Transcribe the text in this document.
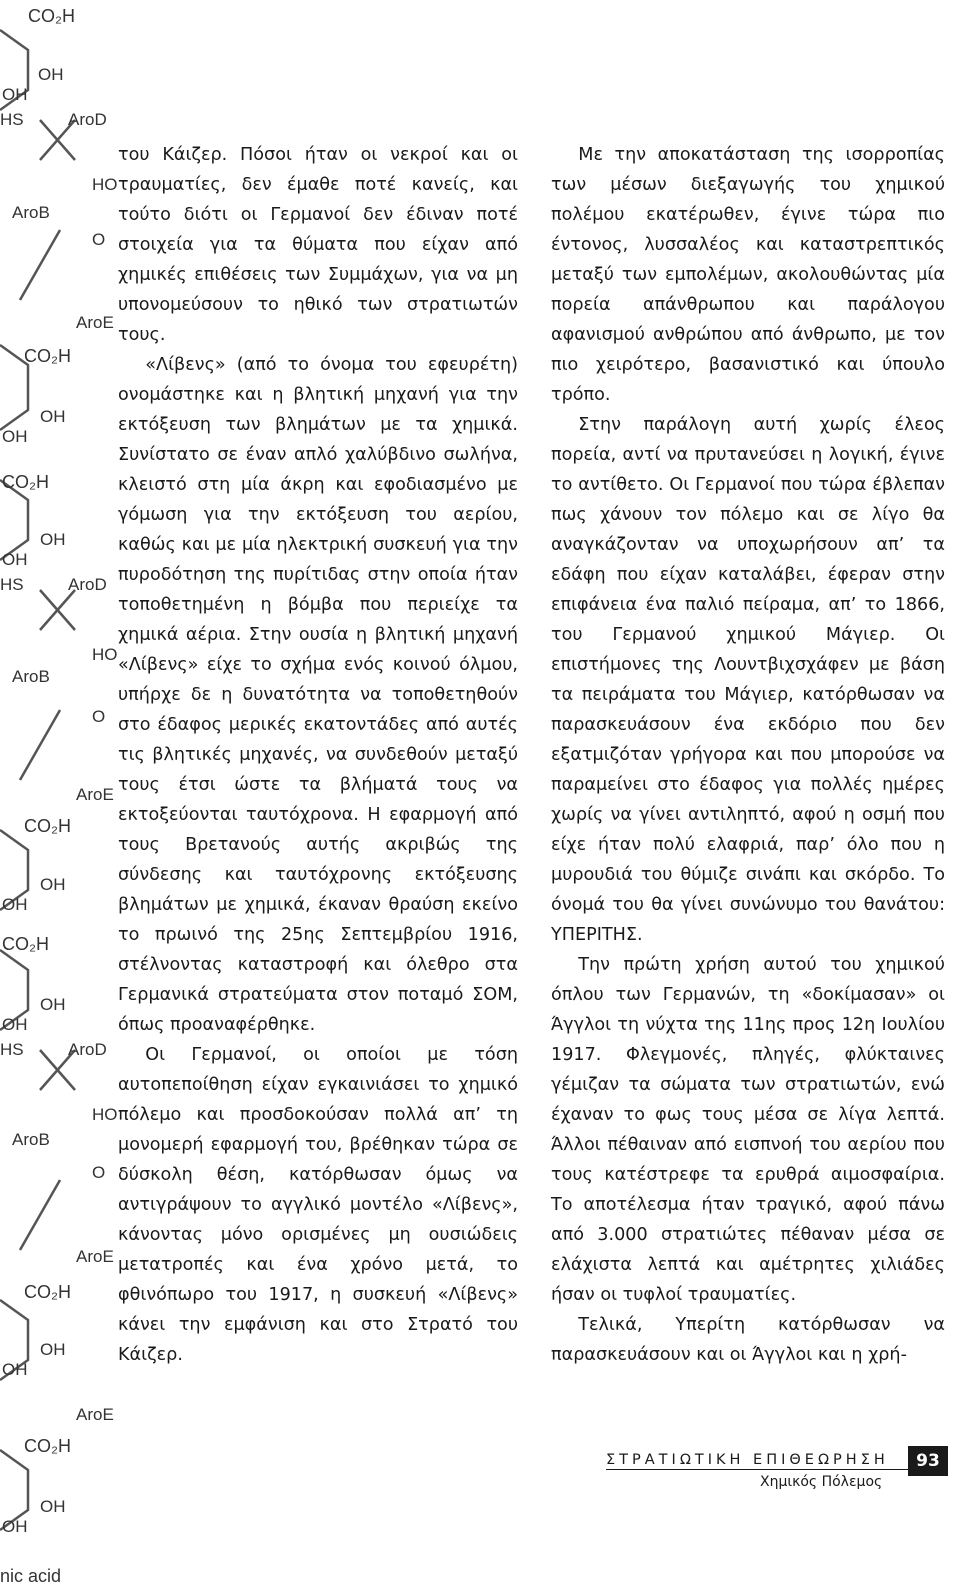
CO₂H
OH
OH
HS	AroD
HO
AroB
O
AroE
CO₂H
OH
OH
CO₂H
OH
OH
HS	AroD
HO
AroB
O
AroE
CO₂H
OH
OH
CO₂H
OH
OH
HS	AroD
HO
AroB
O
AroE
CO₂H
OH
OH
AroE
CO₂H
OH
OH
nic acid

του Κάιζερ. Πόσοι ήταν οι νεκροί και οι τραυματίες, δεν έμαθε ποτέ κανείς, και τούτο διότι οι Γερμανοί δεν έδιναν ποτέ στοιχεία για τα θύματα που είχαν από χημικές επιθέσεις των Συμμάχων, για να μη υπονομεύσουν το ηθικό των στρατιωτών τους.

«Λίβενς» (από το όνομα του εφευρέτη) ονομάστηκε και η βλητική μηχανή για την εκτόξευση των βλημάτων με τα χημικά. Συνίστατο σε έναν απλό χαλύβδινο σωλήνα, κλειστό στη μία άκρη και εφοδιασμένο με γόμωση για την εκτόξευση του αερίου, καθώς και με μία ηλεκτρική συσκευή για την πυροδότηση της πυρίτιδας στην οποία ήταν τοποθετημένη η βόμβα που περιείχε τα χημικά αέρια. Στην ουσία η βλητική μηχανή «Λίβενς» είχε το σχήμα ενός κοινού όλμου, υπήρχε δε η δυνατότητα να τοποθετηθούν στο έδαφος μερικές εκατοντάδες από αυτές τις βλητικές μηχανές, να συνδεθούν μεταξύ τους έτσι ώστε τα βλήματά τους να εκτοξεύονται ταυτόχρονα. Η εφαρμογή από τους Βρετανούς αυτής ακριβώς της σύνδεσης και ταυτόχρονης εκτόξευσης βλημάτων με χημικά, έκαναν θραύση εκείνο το πρωινό της 25ης Σεπτεμβρίου 1916, στέλνοντας καταστροφή και όλεθρο στα Γερμανικά στρατεύματα στον ποταμό ΣΟΜ, όπως προαναφέρθηκε.

Οι Γερμανοί, οι οποίοι με τόση αυτοπεποίθηση είχαν εγκαινιάσει το χημικό πόλεμο και προσδοκούσαν πολλά απ’ τη μονομερή εφαρμογή του, βρέθηκαν τώρα σε δύσκολη θέση, κατόρθωσαν όμως να αντιγράψουν το αγγλικό μοντέλο «Λίβενς», κάνοντας μόνο ορισμένες μη ουσιώδεις μετατροπές και ένα χρόνο μετά, το φθινόπωρο του 1917, η συσκευή «Λίβενς» κάνει την εμφάνιση και στο Στρατό του Κάιζερ.

Με την αποκατάσταση της ισορροπίας των μέσων διεξαγωγής του χημικού πολέμου εκατέρωθεν, έγινε τώρα πιο έντονος, λυσσαλέος και καταστρεπτικός μεταξύ των εμπολέμων, ακολουθώντας μία πορεία απάνθρωπου και παράλογου αφανισμού ανθρώπου από άνθρωπο, με τον πιο χειρότερο, βασανιστικό και ύπουλο τρόπο.

Στην παράλογη αυτή χωρίς έλεος πορεία, αντί να πρυτανεύσει η λογική, έγινε το αντίθετο. Οι Γερμανοί που τώρα έβλεπαν πως χάνουν τον πόλεμο και σε λίγο θα αναγκάζονταν να υποχωρήσουν απ’ τα εδάφη που είχαν καταλάβει, έφεραν στην επιφάνεια ένα παλιό πείραμα, απ’ το 1866, του Γερμανού χημικού Μάγιερ. Οι επιστήμονες της Λουντβιχσχάφεν με βάση τα πειράματα του Μάγιερ, κατόρθωσαν να παρασκευάσουν ένα εκδόριο που δεν εξατμιζόταν γρήγορα και που μπορούσε να παραμείνει στο έδαφος για πολλές ημέρες χωρίς να γίνει αντιληπτό, αφού η οσμή που είχε ήταν πολύ ελαφριά, παρ’ όλο που η μυρουδιά του θύμιζε σινάπι και σκόρδο. Το όνομά του θα γίνει συνώνυμο του θανάτου: ΥΠΕΡΙΤΗΣ.

Την πρώτη χρήση αυτού του χημικού όπλου των Γερμανών, τη «δοκίμασαν» οι Άγγλοι τη νύχτα της 11ης προς 12η Ιουλίου 1917. Φλεγμονές, πληγές, φλύκταινες γέμιζαν τα σώματα των στρατιωτών, ενώ έχαναν το φως τους μέσα σε λίγα λεπτά. Άλλοι πέθαιναν από εισπνοή του αερίου που τους κατέστρεφε τα ερυθρά αιμοσφαίρια. Το αποτέλεσμα ήταν τραγικό, αφού πάνω από 3.000 στρατιώτες πέθαναν μέσα σε ελάχιστα λεπτά και αμέτρητες χιλιάδες ήσαν οι τυφλοί τραυματίες.

Τελικά, Υπερίτη κατόρθωσαν να παρασκευάσουν και οι Άγγλοι και η χρή-

ΣΤΡΑΤΙΩΤΙΚΗ ΕΠΙΘΕΩΡΗΣΗ
Χημικός Πόλεμος
93
